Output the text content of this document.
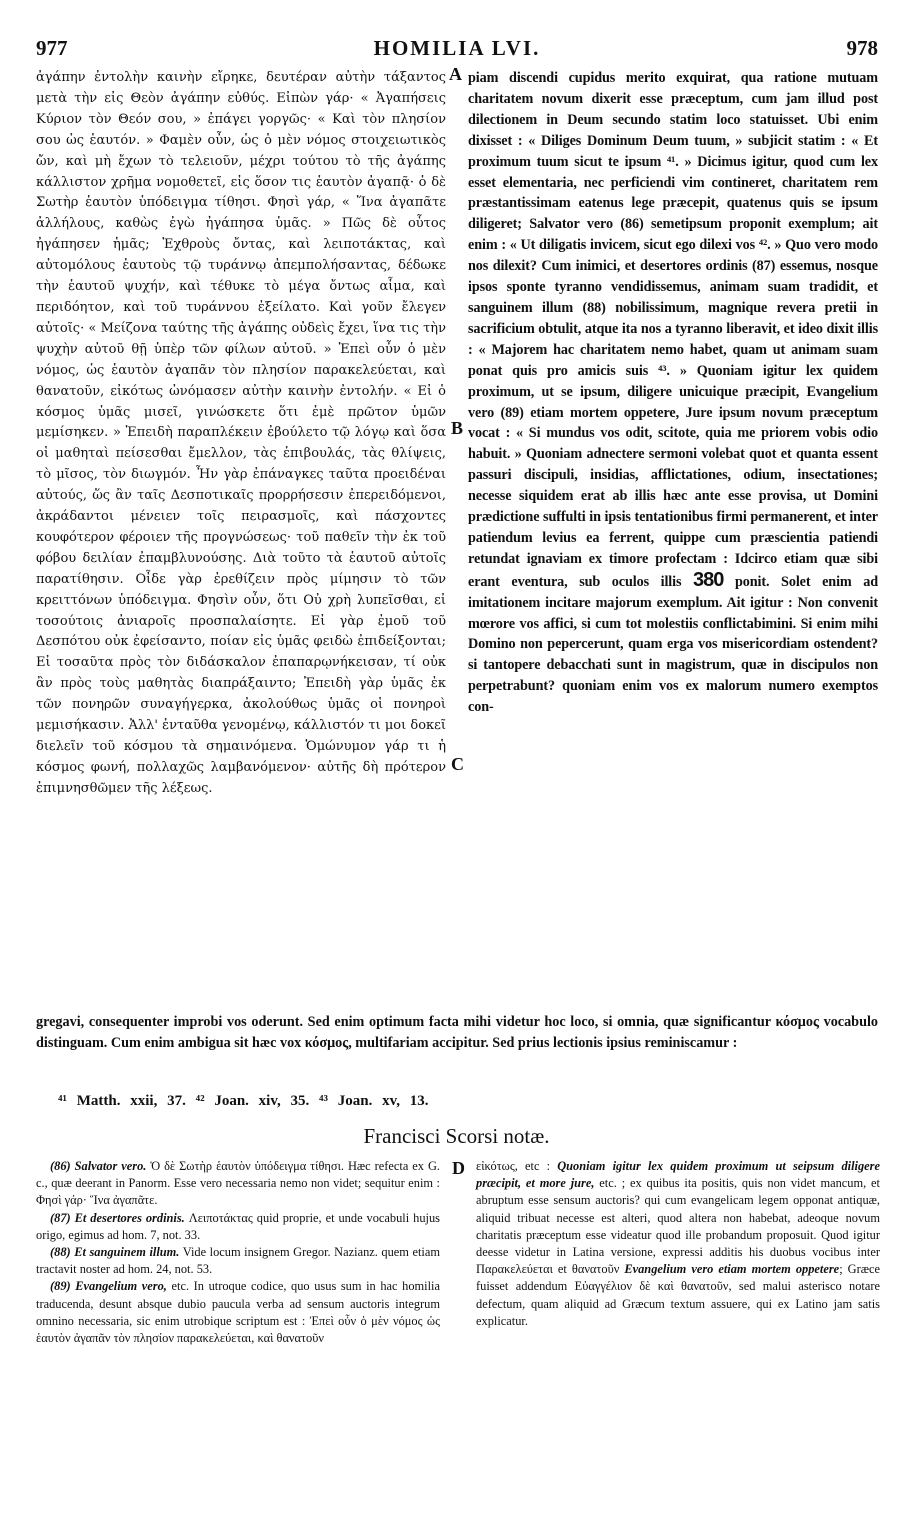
977	HOMILIA LVI.	978
ἀγάπην ἐντολὴν καινὴν εἴρηκε, δευτέραν αὐτὴν τάξαντος μετὰ τὴν εἰς Θεὸν ἀγάπην εὐθύς. Εἰπὼν γάρ· « Ἀγαπήσεις Κύριον τὸν Θεόν σου, » ἐπάγει γοργῶς· « Καὶ τὸν πλησίον σου ὡς ἑαυτόν. » Φαμὲν οὖν, ὡς ὁ μὲν νόμος στοιχειωτικὸς ὤν, καὶ μὴ ἔχων τὸ τελειοῦν, μέχρι τούτου τὸ τῆς ἀγάπης κάλλιστον χρῆμα νομοθετεῖ, εἰς ὅσον τις ἑαυτὸν ἀγαπᾷ· ὁ δὲ Σωτὴρ ἑαυτὸν ὑπόδειγμα τίθησι. Φησὶ γάρ, « Ἵνα ἀγαπᾶτε ἀλλήλους, καθὼς ἐγὼ ἠγάπησα ὑμᾶς. » Πῶς δὲ οὗτος ἠγάπησεν ἡμᾶς; Ἐχθροὺς ὄντας, καὶ λειποτάκτας, καὶ αὐτομόλους ἑαυτοὺς τῷ τυράννῳ ἀπεμπολήσαντας, δέδωκε τὴν ἑαυτοῦ ψυχήν, καὶ τέθυκε τὸ μέγα ὄντως αἷμα, καὶ περιδόητον, καὶ τοῦ τυράννου ἐξείλατο. Καὶ γοῦν ἔλεγεν αὐτοῖς· « Μείζονα ταύτης τῆς ἀγάπης οὐδεὶς ἔχει, ἵνα τις τὴν ψυχὴν αὐτοῦ θῇ ὑπὲρ τῶν φίλων αὐτοῦ. » Ἐπεὶ οὖν ὁ μὲν νόμος, ὡς ἑαυτὸν ἀγαπᾶν τὸν πλησίον παρακελεύεται, καὶ θανατοῦν, εἰκότως ὠνόμασεν αὐτὴν καινὴν ἐντολήν. « Εἰ ὁ κόσμος ὑμᾶς μισεῖ, γινώσκετε ὅτι ἐμὲ πρῶτον ὑμῶν μεμίσηκεν. » Ἐπειδὴ παραπλέκειν ἐβούλετο τῷ λόγῳ καὶ ὅσα οἱ μαθηταὶ πείσεσθαι ἔμελλον, τὰς ἐπιβουλάς, τὰς θλίψεις, τὸ μῖσος, τὸν διωγμόν. Ἦν γὰρ ἐπάναγκες ταῦτα προειδέναι αὐτούς, ὥς ἂν ταῖς Δεσποτικαῖς προρρήσεσιν ἐπερειδόμενοι, ἀκράδαντοι μένειεν τοῖς πειρασμοῖς, καὶ πάσχοντες κουφότερον φέροιεν τῆς προγνώσεως· τοῦ παθεῖν τὴν ἐκ τοῦ φόβου δειλίαν ἐπαμβλυνούσης. Διὰ τοῦτο τὰ ἑαυτοῦ αὐτοῖς παρατίθησιν. Οἶδε γὰρ ἐρεθίζειν πρὸς μίμησιν τὸ τῶν κρειττόνων ὑπόδειγμα. Φησὶν οὖν, ὅτι Οὐ χρὴ λυπεῖσθαι, εἰ τοσούτοις ἀνιαροῖς προσπαλαίσητε. Εἰ γὰρ ἐμοῦ τοῦ Δεσπότου οὐκ ἐφείσαντο, ποίαν εἰς ὑμᾶς φειδὼ ἐπιδείξονται; Εἰ τοσαῦτα πρὸς τὸν διδάσκαλον ἐπαπαρῳνήκεισαν, τί οὐκ ἂν πρὸς τοὺς μαθητὰς διαπράξαιντο; Ἐπειδὴ γὰρ ὑμᾶς ἐκ τῶν πονηρῶν συναγήγερκα, ἀκολούθως ὑμᾶς οἱ πονηροὶ μεμισήκασιν. Ἀλλ' ἐνταῦθα γενομένῳ, κάλλιστόν τι μοι δοκεῖ διελεῖν τοῦ κόσμου τὰ σημαινόμενα. Ὁμώνυμον γάρ τι ἡ κόσμος φωνή, πολλαχῶς λαμβανόμενον· αὐτῆς δὴ πρότερον ἐπιμνησθῶμεν τῆς λέξεως.
piam discendi cupidus merito exquirat, qua ratione mutuam charitatem novum dixerit esse præceptum, cum jam illud post dilectionem in Deum secundo statim loco statuisset. Ubi enim dixisset : « Diliges Dominum Deum tuum, » subjicit statim : « Et proximum tuum sicut te ipsum ⁴¹. » Dicimus igitur, quod cum lex esset elementaria, nec perficiendi vim contineret, charitatem rem præstantissimam eatenus lege præcepit, quatenus quis se ipsum diligeret; Salvator vero (86) semetipsum proponit exemplum; ait enim : « Ut diligatis invicem, sicut ego dilexi vos ⁴². » Quo vero modo nos dilexit? Cum inimici, et desertores ordinis (87) essemus, nosque ipsos sponte tyranno vendidissemus, animam suam tradidit, et sanguinem illum (88) nobilissimum, magnique revera pretii in sacrificium obtulit, atque ita nos a tyranno liberavit, et ideo dixit illis : « Majorem hac charitatem nemo habet, quam ut animam suam ponat quis pro amicis suis ⁴³. » Quoniam igitur lex quidem proximum, ut se ipsum, diligere unicuique præcipit, Evangelium vero (89) etiam mortem oppetere, Jure ipsum novum præceptum vocat : « Si mundus vos odit, scitote, quia me priorem vobis odio habuit. » Quoniam adnectere sermoni volebat quot et quanta essent passuri discipuli, insidias, afflictationes, odium, insectationes; necesse siquidem erat ab illis hæc ante esse provisa, ut Domini prædictione suffulti in ipsis tentationibus firmi permanerent, et inter patiendum levius ea ferrent, quippe cum præscientia patiendi retundat ignaviam ex timore profectam : Idcirco etiam quæ sibi erant eventura, sub oculos illis 380 ponit. Solet enim ad imitationem incitare majorum exemplum. Ait igitur : Non convenit mœrore vos affici, si cum tot molestiis conflictabimini. Si enim mihi Domino non pepercerunt, quam erga vos misericordiam ostendent? si tantopere debacchati sunt in magistrum, quæ in discipulos non perpetrabunt? quoniam enim vos ex malorum numero exemptos con-
A
B
C
D
gregavi, consequenter improbi vos oderunt. Sed enim optimum facta mihi videtur hoc loco, si omnia, quæ significantur κόσμος vocabulo distinguam. Cum enim ambigua sit hæc vox κόσμος, multifariam accipitur. Sed prius lectionis ipsius reminiscamur :
⁴¹ Matth. xxii, 37. ⁴² Joan. xiv, 35. ⁴³ Joan. xv, 13.
Francisci Scorsi notæ.

(86) Salvator vero. Ὁ δὲ Σωτὴρ ἑαυτὸν ὑπόδειγμα τίθησι. Hæc refecta ex G. c., quæ deerant in Panorm. Esse vero necessaria nemo non videt; sequitur enim : Φησὶ γάρ· Ἵνα ἀγαπᾶτε.

(87) Et desertores ordinis. Λειποτάκτας quid proprie, et unde vocabuli hujus origo, egimus ad hom. 7, not. 33.

(88) Et sanguinem illum. Vide locum insignem Gregor. Nazianz. quem etiam tractavit noster ad hom. 24, not. 53.

(89) Evangelium vero, etc. In utroque codice, quo usus sum in hac homilia traducenda, desunt absque dubio paucula verba ad sensum auctoris integrum omnino necessaria, sic enim utrobique scriptum est : Ἐπεὶ οὖν ὁ μὲν νόμος ὡς ἑαυτὸν ἀγαπᾶν τὸν πλησίον παρακελεύεται, καὶ θανατοῦν

εἰκότως, etc : Quoniam igitur lex quidem proximum ut seipsum diligere præcipit, et more jure, etc. ; ex quibus ita positis, quis non videt mancum, et abruptum esse sensum auctoris? qui cum evangelicam legem opponat antiquæ, aliquid tribuat necesse est alteri, quod altera non habebat, adeoque novum charitatis præceptum esse videatur quod ille probandum proposuit. Quod igitur deesse videtur in Latina versione, expressi additis his duobus vocibus inter Παρακελεύεται et θανατοῦν Evangelium vero etiam mortem oppetere; Græce fuisset addendum Εὐαγγέλιον δὲ καὶ θανατοῦν, sed malui asterisco notare defectum, quam aliquid ad Græcum textum assuere, qui ex Latino jam satis explicatur.
